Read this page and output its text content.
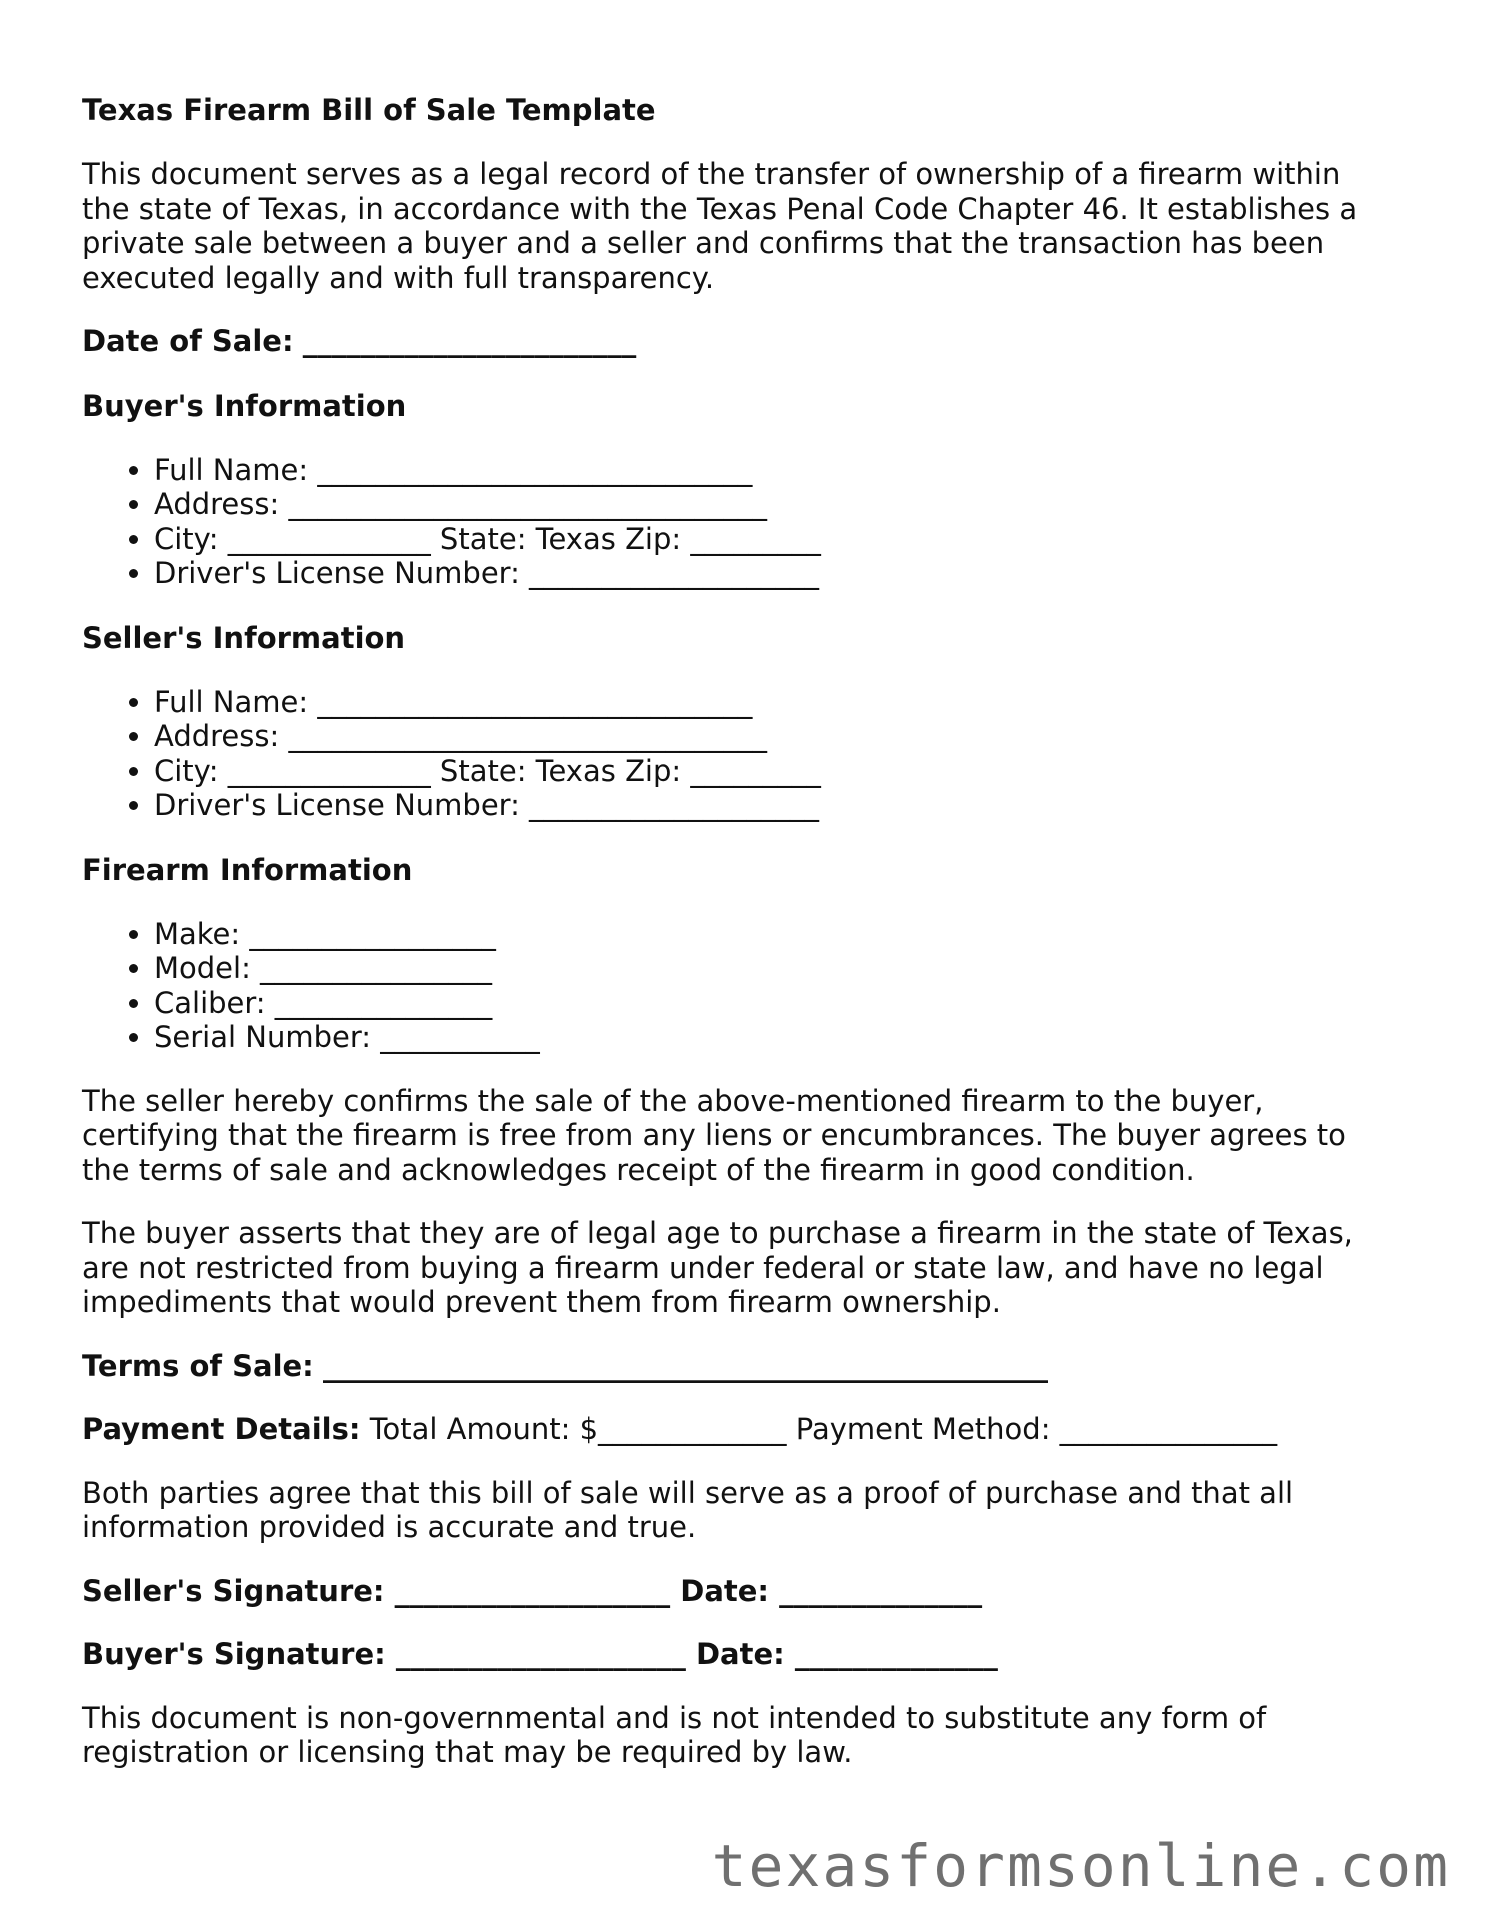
Texas Firearm Bill of Sale Template

This document serves as a legal record of the transfer of ownership of a firearm within the state of Texas, in accordance with the Texas Penal Code Chapter 46. It establishes a private sale between a buyer and a seller and confirms that the transaction has been executed legally and with full transparency.

Date of Sale: _______________________

Buyer's Information
• Full Name: ______________________________
• Address: _________________________________
• City: ______________ State: Texas Zip: _________
• Driver's License Number: ____________________
Seller's Information
• Full Name: ______________________________
• Address: _________________________________
• City: ______________ State: Texas Zip: _________
• Driver's License Number: ____________________
Firearm Information
• Make: _________________
• Model: ________________
• Caliber: _______________
• Serial Number: ___________

The seller hereby confirms the sale of the above-mentioned firearm to the buyer, certifying that the firearm is free from any liens or encumbrances. The buyer agrees to the terms of sale and acknowledges receipt of the firearm in good condition.

The buyer asserts that they are of legal age to purchase a firearm in the state of Texas, are not restricted from buying a firearm under federal or state law, and have no legal impediments that would prevent them from firearm ownership.

Terms of Sale: __________________________________________________

Payment Details: Total Amount: $_____________ Payment Method: _______________

Both parties agree that this bill of sale will serve as a proof of purchase and that all information provided is accurate and true.

Seller's Signature: ___________________ Date: ______________

Buyer's Signature: ____________________ Date: ______________

This document is non-governmental and is not intended to substitute any form of registration or licensing that may be required by law.

texasformsonline.com
